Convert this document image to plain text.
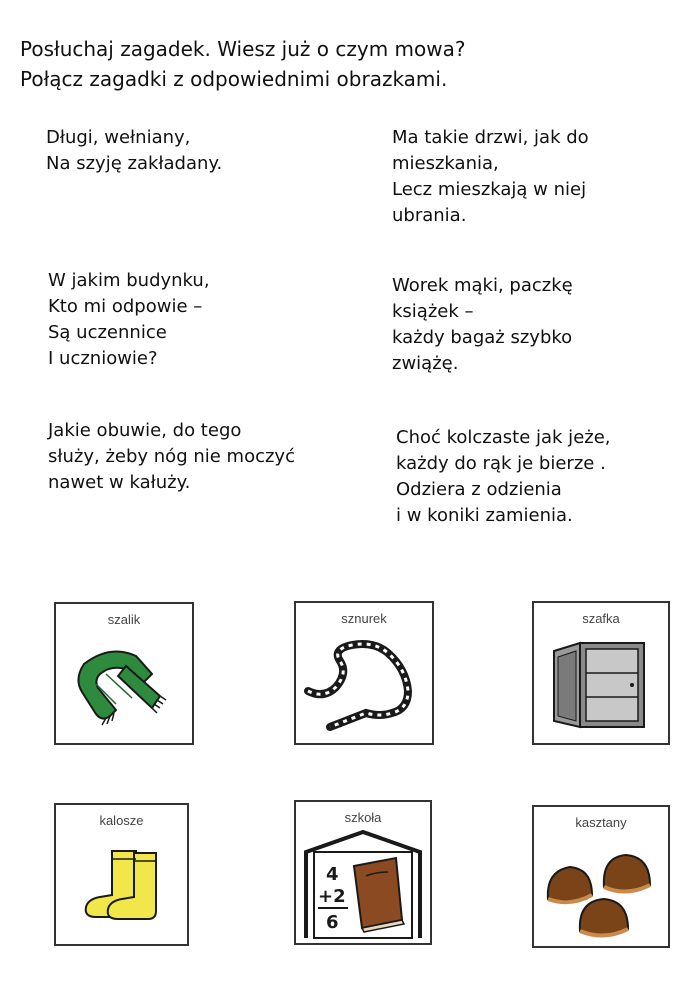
Posłuchaj zagadek. Wiesz już o czym mowa?
Połącz zagadki z odpowiednimi obrazkami.
Długi, wełniany,
Na szyję zakładany.
Ma takie drzwi, jak do
mieszkania,
Lecz mieszkają w niej
ubrania.
W jakim budynku,
Kto mi odpowie –
Są uczennice
I uczniowie?
Worek mąki, paczkę
książek –
każdy bagaż szybko
zwiążę.
Jakie obuwie, do tego
służy, żeby nóg nie moczyć
nawet w kałuży.
Choć kolczaste jak jeże,
każdy do rąk je bierze .
Odziera z odzienia
i w koniki zamienia.
szalik	sznurek	szafka
kalosze	szkoła
4
+2
6
kasztany
